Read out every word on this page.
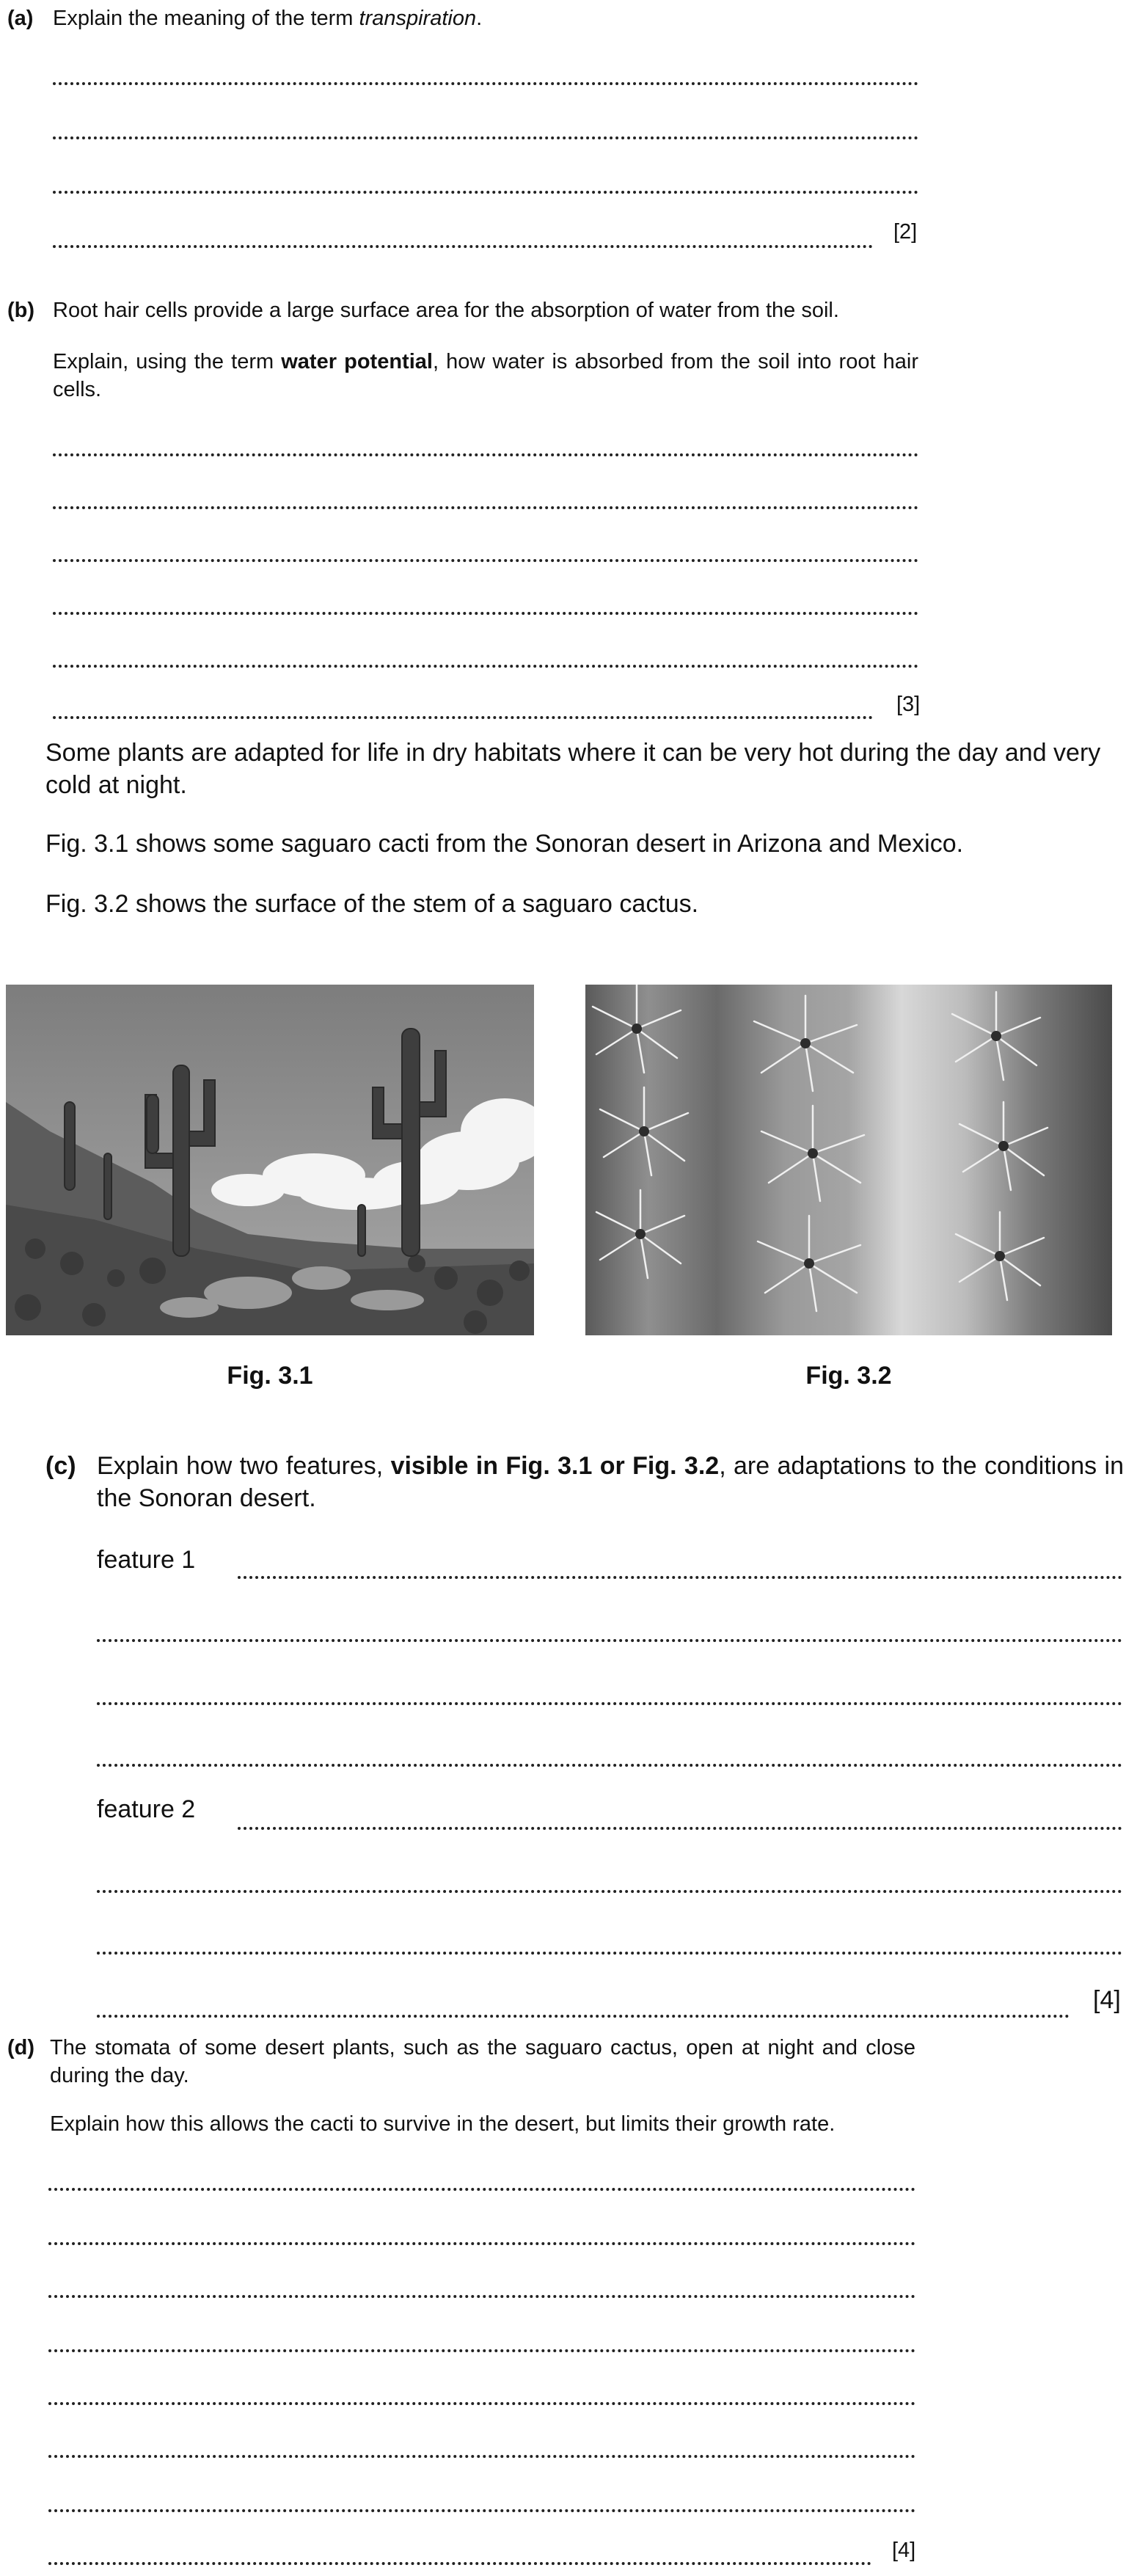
(a) Explain the meaning of the term transpiration.
[2]
(b) Root hair cells provide a large surface area for the absorption of water from the soil.
Explain, using the term water potential, how water is absorbed from the soil into root hair cells.
[3]
Some plants are adapted for life in dry habitats where it can be very hot during the day and very cold at night.
Fig. 3.1 shows some saguaro cacti from the Sonoran desert in Arizona and Mexico.
Fig. 3.2 shows the surface of the stem of a saguaro cactus.
Fig. 3.1	Fig. 3.2
(c) Explain how two features, visible in Fig. 3.1 or Fig. 3.2, are adaptations to the conditions in the Sonoran desert.
feature 1
feature 2
[4]
(d) The stomata of some desert plants, such as the saguaro cactus, open at night and close during the day.
Explain how this allows the cacti to survive in the desert, but limits their growth rate.
[4]
